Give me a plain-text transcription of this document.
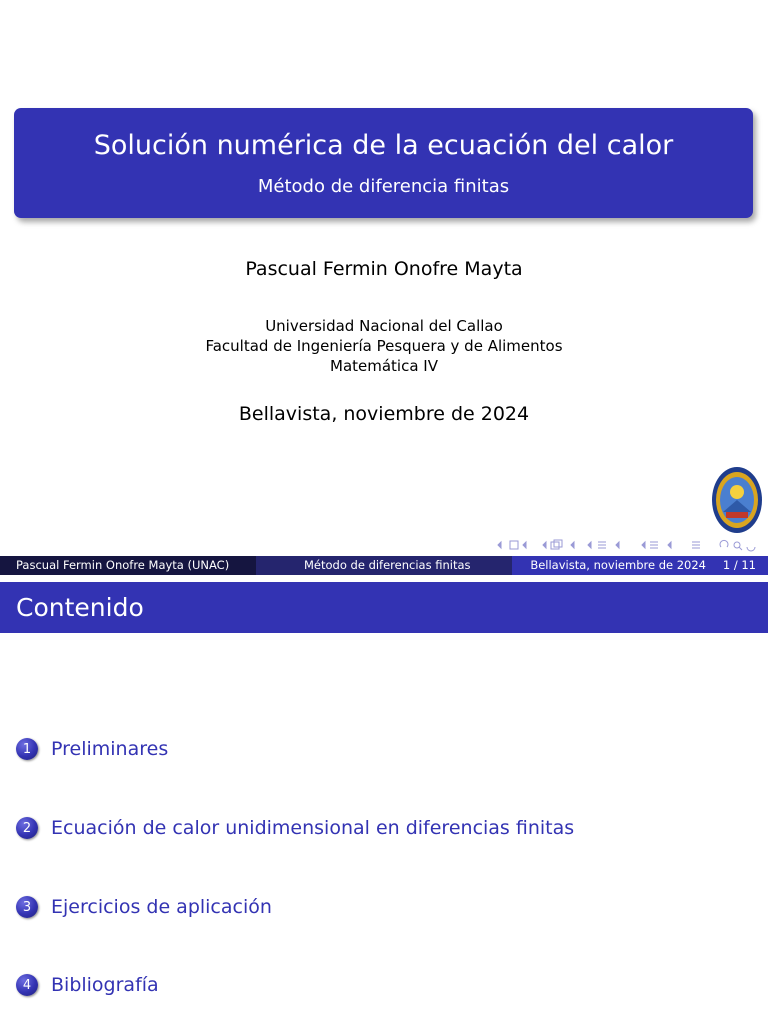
Solución numérica de la ecuación del calor
Método de diferencia finitas
Pascual Fermin Onofre Mayta
Universidad Nacional del Callao
Facultad de Ingeniería Pesquera y de Alimentos
Matemática IV
Bellavista, noviembre de 2024
Pascual Fermin Onofre Mayta (UNAC)	Método de diferencias finitas	Bellavista, noviembre de 2024 1 / 11
Contenido
1	Preliminares
2	Ecuación de calor unidimensional en diferencias finitas
3	Ejercicios de aplicación
4	Bibliografía
